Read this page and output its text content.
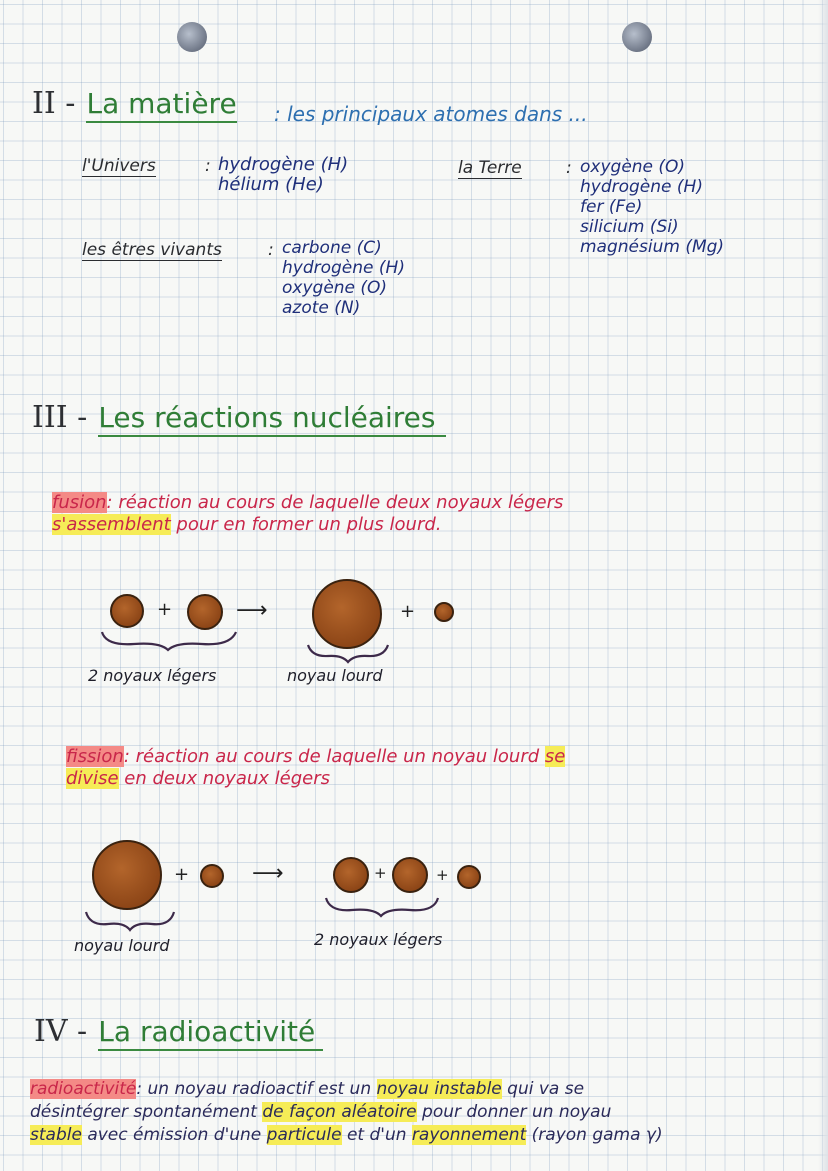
II - La matière : les principaux atomes dans ...
l'Univers	: hydrogène (H)
hélium (He)
la Terre	: oxygène (O)
hydrogène (H)
fer (Fe)
silicium (Si)
magnésium (Mg)
les êtres vivants	: carbone (C)
hydrogène (H)
oxygène (O)
azote (N)
III - Les réactions nucléaires
fusion: réaction au cours de laquelle deux noyaux légers
s'assemblent pour en former un plus lourd.
+	⟶	+
2 noyaux légers	noyau lourd
fission: réaction au cours de laquelle un noyau lourd se
divise en deux noyaux légers
+	⟶	+	+
noyau lourd	2 noyaux légers
IV - La radioactivité
radioactivité: un noyau radioactif est un noyau instable qui va se
désintégrer spontanément de façon aléatoire pour donner un noyau
stable avec émission d'une particule et d'un rayonnement (rayon gama γ)
